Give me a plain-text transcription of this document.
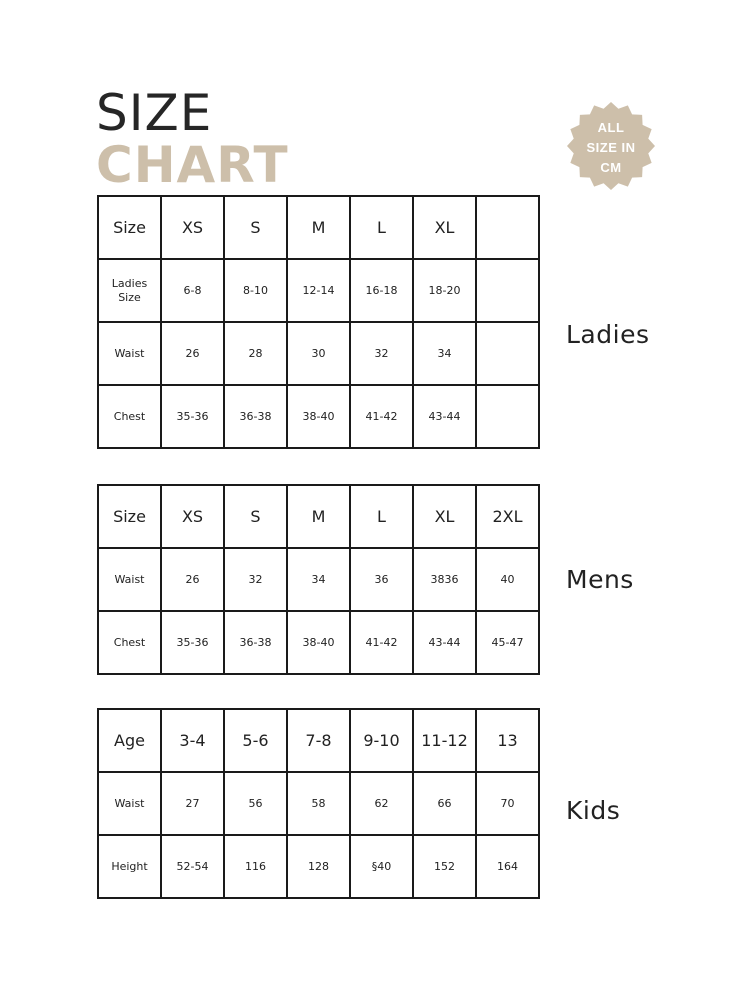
SIZE
CHART
ALL
SIZE IN
CM
Size	XS	S	M	L	XL	
Ladies Size	6-8	8-10	12-14	16-18	18-20	
Waist	26	28	30	32	34	
Chest	35-36	36-38	38-40	41-42	43-44	
Ladies
Size	XS	S	M	L	XL	2XL
Waist	26	32	34	36	3836	40
Chest	35-36	36-38	38-40	41-42	43-44	45-47
Mens
Age	3-4	5-6	7-8	9-10	11-12	13
Waist	27	56	58	62	66	70
Height	52-54	116	128	§40	152	164
Kids
